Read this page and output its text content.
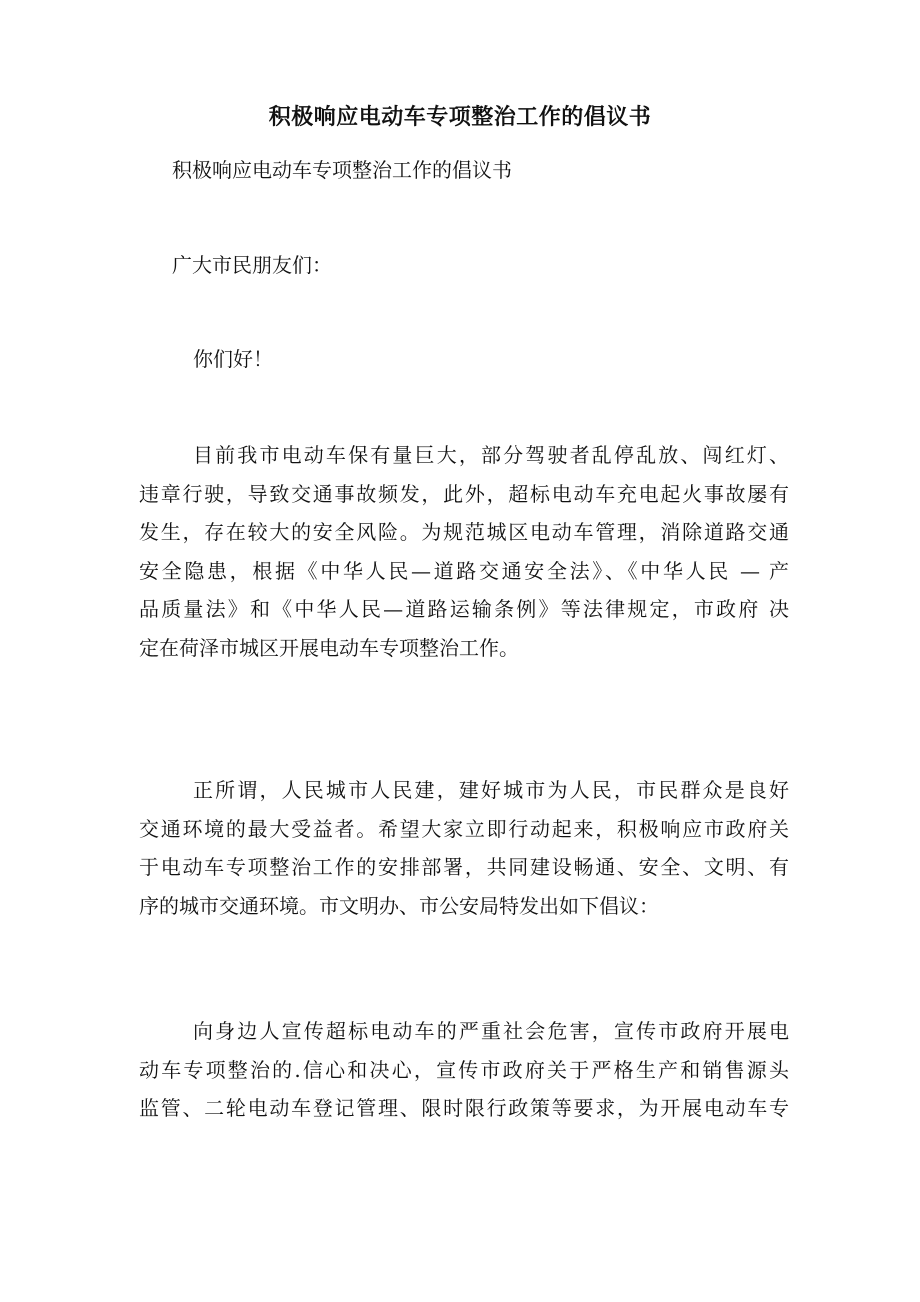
积极响应电动车专项整治工作的倡议书
积极响应电动车专项整治工作的倡议书
广大市民朋友们：
你们好！
目前我市电动车保有量巨大，部分驾驶者乱停乱放、闯红灯、
违章行驶，导致交通事故频发，此外，超标电动车充电起火事故屡有
发生，存在较大的安全风险。为规范城区电动车管理，消除道路交通
安全隐患，根据《中华人民—道路交通安全法》、《中华人民 — 产
品质量法》和《中华人民—道路运输条例》等法律规定，市政府 决
定在荷泽市城区开展电动车专项整治工作。
正所谓，人民城市人民建，建好城市为人民，市民群众是良好
交通环境的最大受益者。希望大家立即行动起来，积极响应市政府关
于电动车专项整治工作的安排部署，共同建设畅通、安全、文明、有
序的城市交通环境。市文明办、市公安局特发出如下倡议：
向身边人宣传超标电动车的严重社会危害，宣传市政府开展电
动车专项整治的.信心和决心，宣传市政府关于严格生产和销售源头
监管、二轮电动车登记管理、限时限行政策等要求，为开展电动车专
